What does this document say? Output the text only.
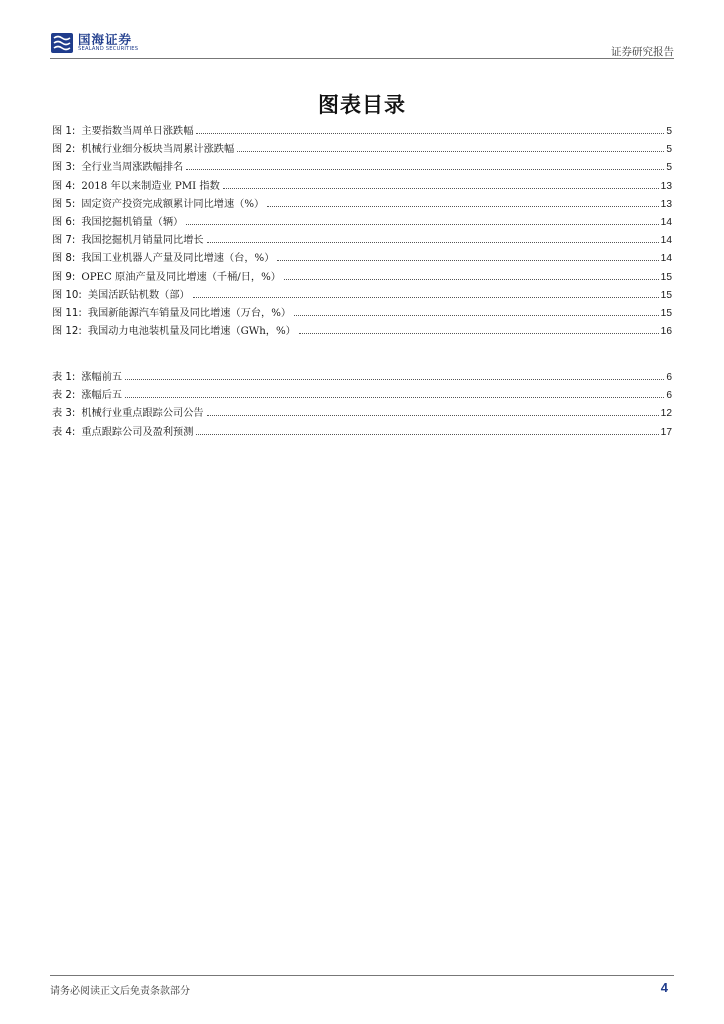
国海证券
SEALAND SECURITIES	证券研究报告
图表目录
图 1: 主要指数当周单日涨跌幅	5
图 2: 机械行业细分板块当周累计涨跌幅	5
图 3: 全行业当周涨跌幅排名	5
图 4: 2018 年以来制造业 PMI 指数	13
图 5: 固定资产投资完成额累计同比增速（%）	13
图 6: 我国挖掘机销量（辆）	14
图 7: 我国挖掘机月销量同比增长	14
图 8: 我国工业机器人产量及同比增速（台，%）	14
图 9: OPEC 原油产量及同比增速（千桶/日，%）	15
图 10: 美国活跃钻机数（部）	15
图 11: 我国新能源汽车销量及同比增速（万台，%）	15
图 12: 我国动力电池装机量及同比增速（GWh，%）	16
表 1: 涨幅前五	6
表 2: 涨幅后五	6
表 3: 机械行业重点跟踪公司公告	12
表 4: 重点跟踪公司及盈利预测	17
请务必阅读正文后免责条款部分	4
